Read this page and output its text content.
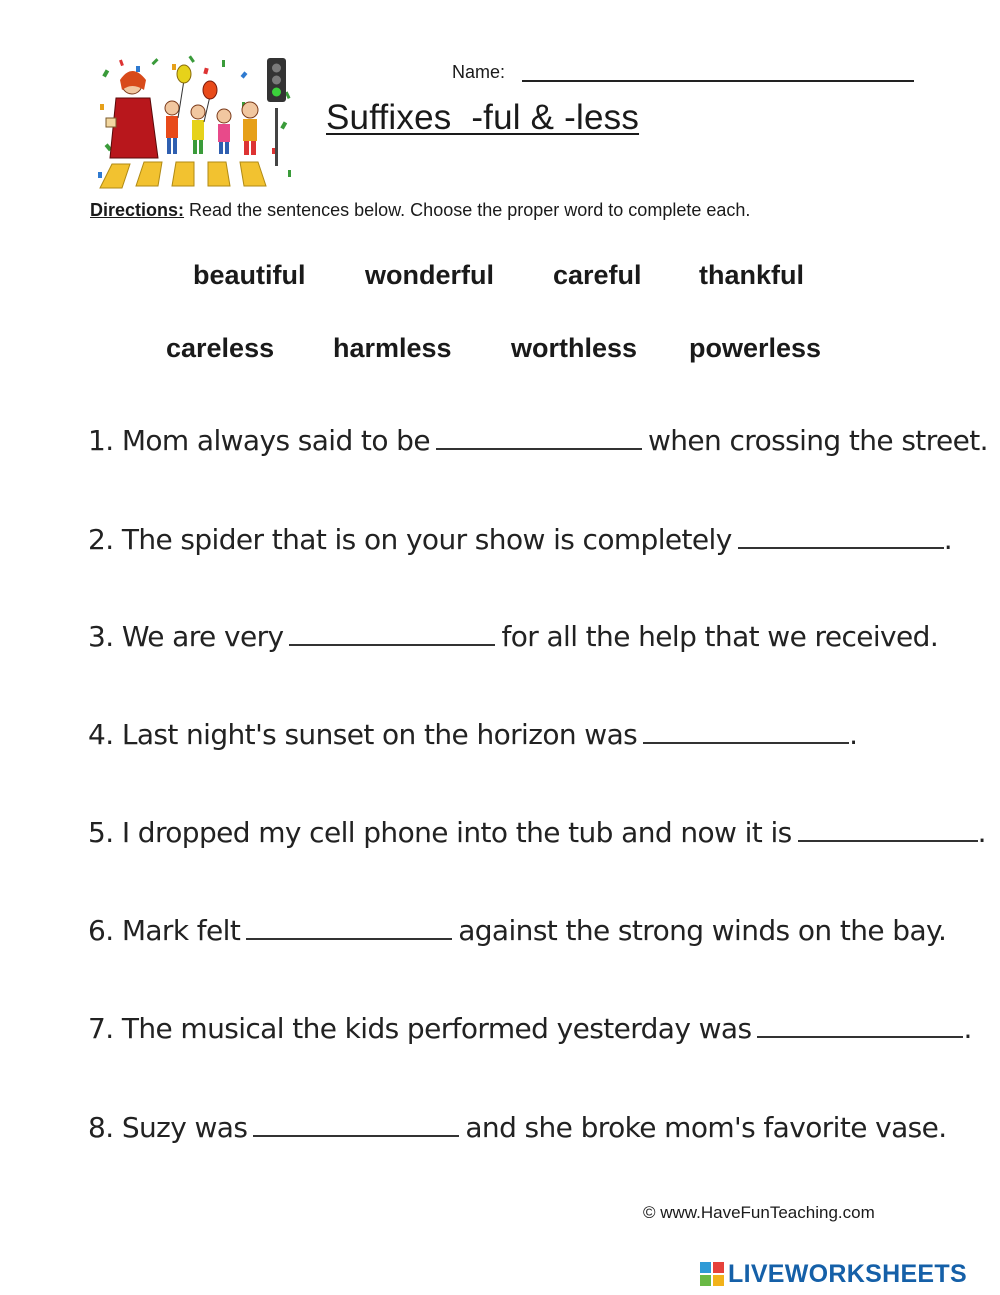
Name:
Suffixes  -ful & -less
Directions: Read the sentences below. Choose the proper word to complete each.
beautiful wonderful careful thankful
careless harmless worthless powerless
1. Mom always said to be	when crossing the street.
2. The spider that is on your show is completely	.
3. We are very	for all the help that we received.
4. Last night's sunset on the horizon was	.
5. I dropped my cell phone into the tub and now it is	.
6. Mark felt	against the strong winds on the bay.
7. The musical the kids performed yesterday was	.
8. Suzy was	and she broke mom's favorite vase.
© www.HaveFunTeaching.com
LIVEWORKSHEETS
